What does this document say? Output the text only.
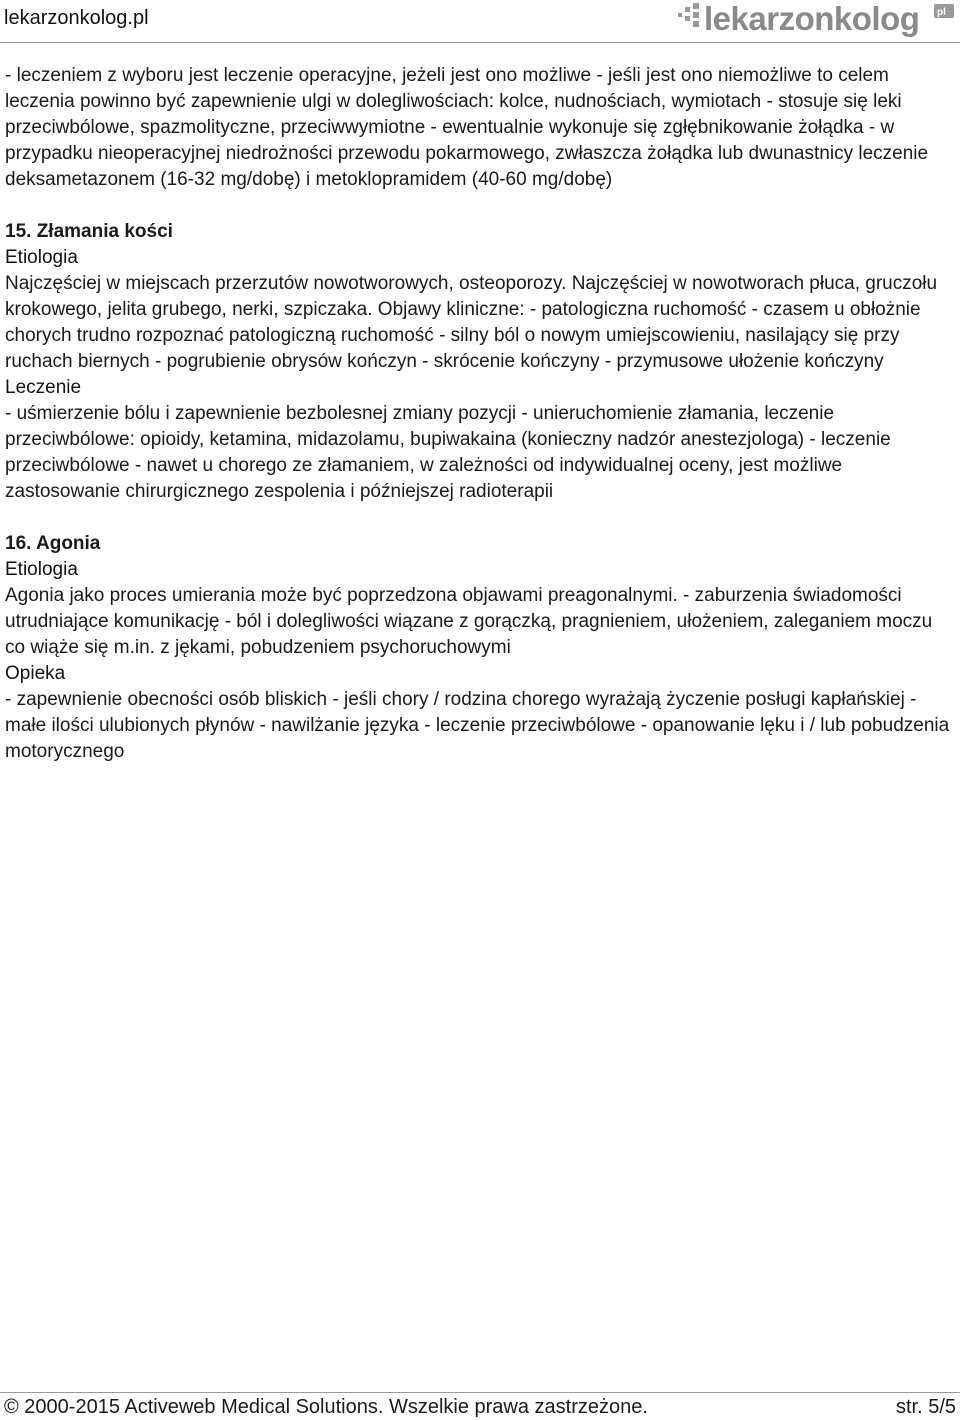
lekarzonkolog.pl	lekarzonkolog pl

- leczeniem z wyboru jest leczenie operacyjne, jeżeli jest ono możliwe - jeśli jest ono niemożliwe to celem leczenia powinno być zapewnienie ulgi w dolegliwościach: kolce, nudnościach, wymiotach - stosuje się leki przeciwbólowe, spazmolityczne, przeciwwymiotne - ewentualnie wykonuje się zgłębnikowanie żołądka - w przypadku nieoperacyjnej niedrożności przewodu pokarmowego, zwłaszcza żołądka lub dwunastnicy leczenie deksametazonem (16-32 mg/dobę) i metoklopramidem (40-60 mg/dobę)

15. Złamania kości

Etiologia

Najczęściej w miejscach przerzutów nowotworowych, osteoporozy. Najczęściej w nowotworach płuca, gruczołu krokowego, jelita grubego, nerki, szpiczaka. Objawy kliniczne: - patologiczna ruchomość - czasem u obłożnie chorych trudno rozpoznać patologiczną ruchomość - silny ból o nowym umiejscowieniu, nasilający się przy ruchach biernych - pogrubienie obrysów kończyn - skrócenie kończyny - przymusowe ułożenie kończyny

Leczenie

- uśmierzenie bólu i zapewnienie bezbolesnej zmiany pozycji - unieruchomienie złamania, leczenie przeciwbólowe: opioidy, ketamina, midazolamu, bupiwakaina (konieczny nadzór anestezjologa) - leczenie przeciwbólowe - nawet u chorego ze złamaniem, w zależności od indywidualnej oceny, jest możliwe zastosowanie chirurgicznego zespolenia i późniejszej radioterapii

16. Agonia

Etiologia

Agonia jako proces umierania może być poprzedzona objawami preagonalnymi. - zaburzenia świadomości utrudniające komunikację - ból i dolegliwości wiązane z gorączką, pragnieniem, ułożeniem, zaleganiem moczu co wiąże się m.in. z jękami, pobudzeniem psychoruchowymi

Opieka

- zapewnienie obecności osób bliskich - jeśli chory / rodzina chorego wyrażają życzenie posługi kapłańskiej - małe ilości ulubionych płynów - nawilżanie języka - leczenie przeciwbólowe - opanowanie lęku i / lub pobudzenia motorycznego

© 2000-2015 Activeweb Medical Solutions. Wszelkie prawa zastrzeżone.	str. 5/5
